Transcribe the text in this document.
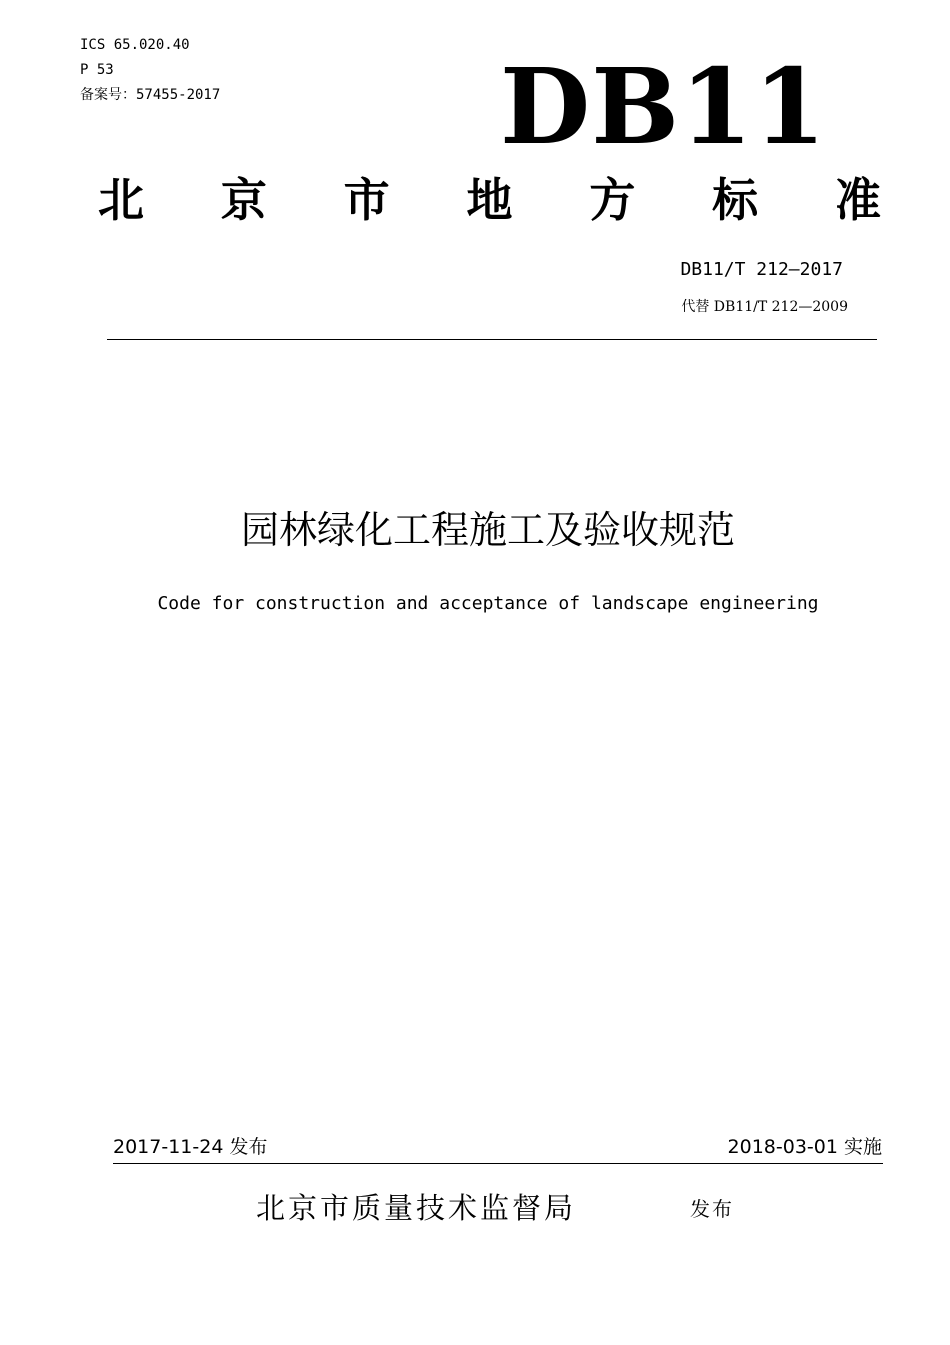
ICS 65.020.40
P 53
备案号：57455-2017	DB11
北 京 市 地 方 标 准
DB11/T 212—2017
代替 DB11/T 212—2009
园林绿化工程施工及验收规范
Code for construction and acceptance of landscape engineering
2017-11-24 发布	2018-03-01 实施
北京市质量技术监督局	发布
